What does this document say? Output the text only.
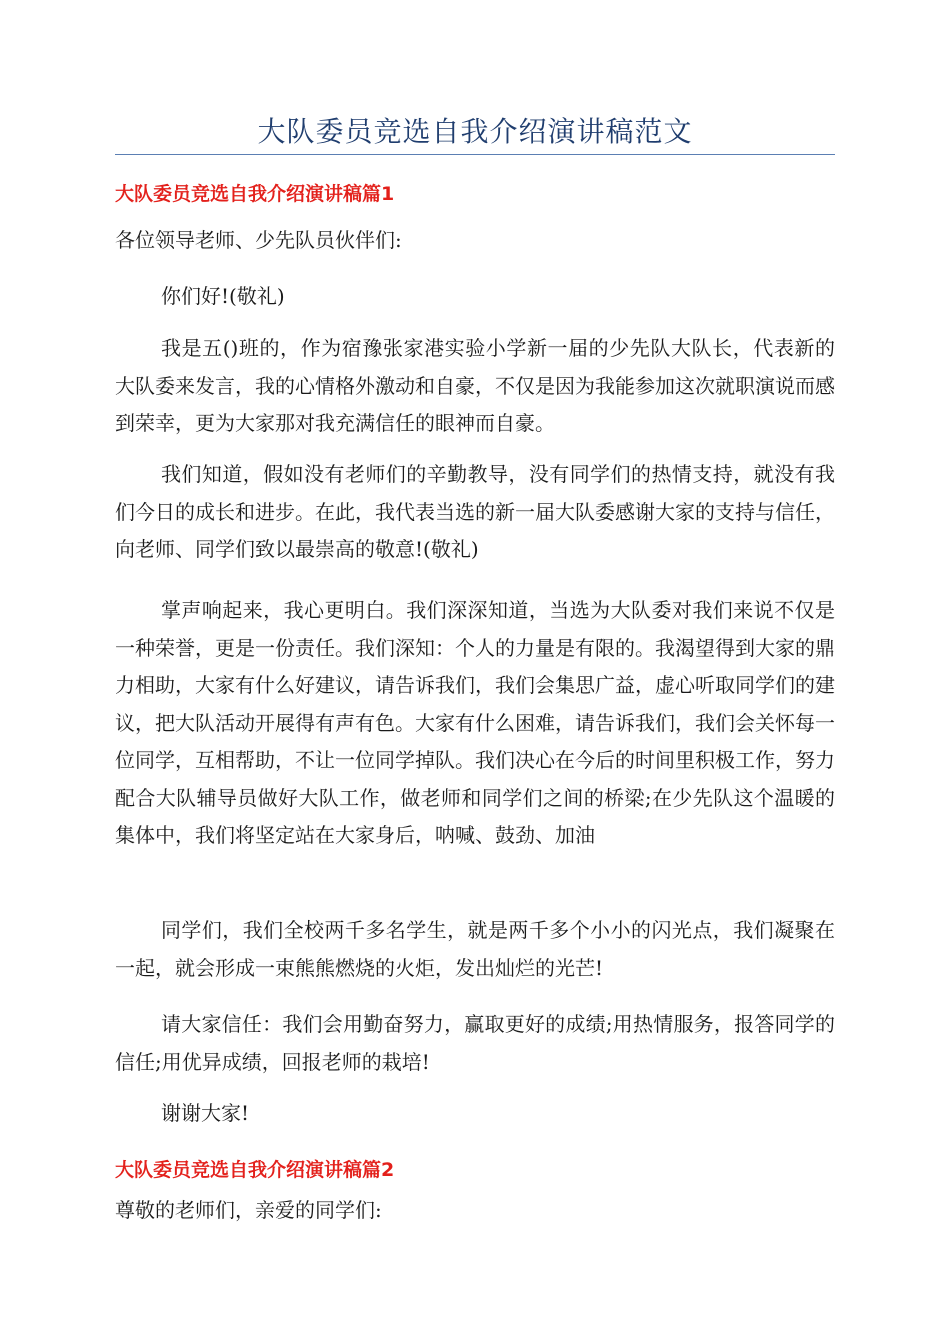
大队委员竞选自我介绍演讲稿范文
大队委员竞选自我介绍演讲稿篇1

各位领导老师、少先队员伙伴们:

你们好!(敬礼)

我是五()班的，作为宿豫张家港实验小学新一届的少先队大队长，代表新的大队委来发言，我的心情格外激动和自豪，不仅是因为我能参加这次就职演说而感到荣幸，更为大家那对我充满信任的眼神而自豪。

我们知道，假如没有老师们的辛勤教导，没有同学们的热情支持，就没有我们今日的成长和进步。在此，我代表当选的新一届大队委感谢大家的支持与信任，向老师、同学们致以最崇高的敬意!(敬礼)

掌声响起来，我心更明白。我们深深知道，当选为大队委对我们来说不仅是一种荣誉，更是一份责任。我们深知：个人的力量是有限的。我渴望得到大家的鼎力相助，大家有什么好建议，请告诉我们，我们会集思广益，虚心听取同学们的建议，把大队活动开展得有声有色。大家有什么困难，请告诉我们，我们会关怀每一位同学，互相帮助，不让一位同学掉队。我们决心在今后的时间里积极工作，努力配合大队辅导员做好大队工作，做老师和同学们之间的桥梁;在少先队这个温暖的集体中，我们将坚定站在大家身后，呐喊、鼓劲、加油

同学们，我们全校两千多名学生，就是两千多个小小的闪光点，我们凝聚在一起，就会形成一束熊熊燃烧的火炬，发出灿烂的光芒!

请大家信任：我们会用勤奋努力，赢取更好的成绩;用热情服务，报答同学的信任;用优异成绩，回报老师的栽培!

谢谢大家!

大队委员竞选自我介绍演讲稿篇2

尊敬的老师们，亲爱的同学们:
